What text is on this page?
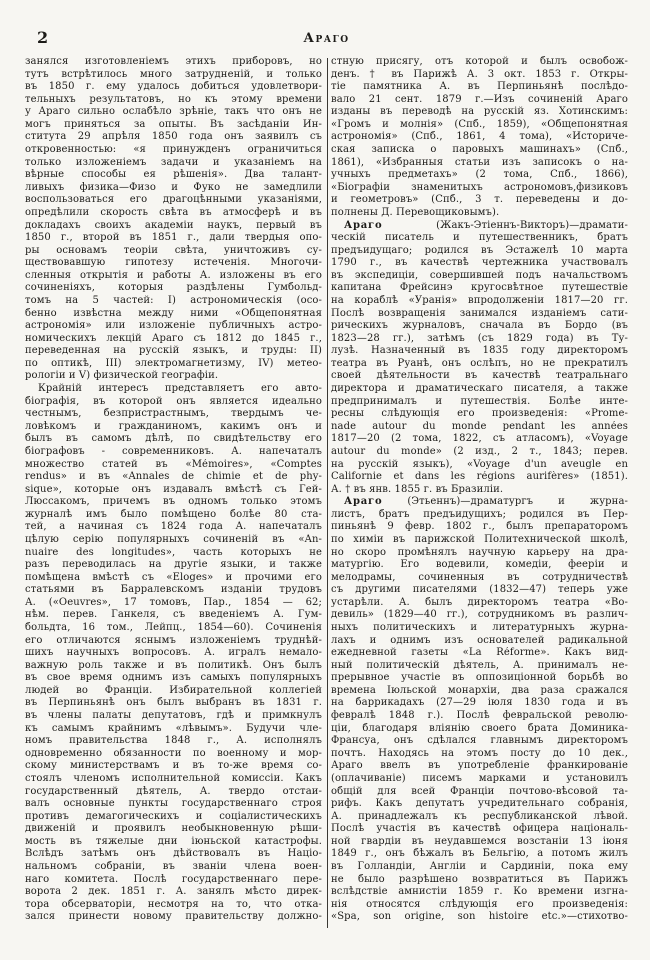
2	Араго
занялся изготовленіемъ этихъ приборовъ, но
тутъ встрѣтилось много затрудненій, и только
въ 1850 г. ему удалось добиться удовлетвори-
тельныхъ результатовъ, но къ этому времени
у Араго сильно ослабѣло зрѣніе, такъ что онъ не
могъ приняться за опыты. Въ засѣданіи Ин-
ститута 29 апрѣля 1850 года онъ заявилъ съ
откровенностью: «я принужденъ ограничиться
только изложеніемъ задачи и указаніемъ на
вѣрные способы ея рѣшенія». Два талант-
ливыхъ физика—Физо и Фуко не замедлили
воспользоваться его драгоцѣнными указаніями,
опредѣлили скорость свѣта въ атмосферѣ и въ
докладахъ своихъ академіи наукъ, первый въ
1850 г., второй въ 1851 г., дали твердыя опо-
ры основамъ теоріи свѣта, уничтоживъ су-
ществовавшую гипотезу истеченія. Многочи-
сленныя открытія и работы А. изложены въ его
сочиненіяхъ, которыя раздѣлены Гумбольд-
томъ на 5 частей: I) астрономическія (осо-
бенно извѣстна между ними «Общепонятная
астрономія» или изложеніе публичныхъ астро-
номическихъ лекцій Араго съ 1812 до 1845 г.,
переведенная на русскій языкъ, и труды: II)
по оптикѣ, III) электромагнетизму, IV) метео-
рологіи и V) физической географіи.
Крайній интересъ представляетъ его авто-
біографія, въ которой онъ является идеально
честнымъ, безпристрастнымъ, твердымъ че-
ловѣкомъ и гражданиномъ, какимъ онъ и
былъ въ самомъ дѣлѣ, по свидѣтельству его
біографовъ - современниковъ. А. напечаталъ
множество статей въ «Mémoires», «Comptes
rendus» и въ «Annales de chimie et de phy-
sique», которые онъ издавалъ вмѣстѣ съ Гей-
Люссакомъ, причемъ въ одномъ только этомъ
журналѣ имъ было помѣщено болѣе 80 ста-
тей, а начиная съ 1824 года А. напечаталъ
цѣлую серію популярныхъ сочиненій въ «An-
nuaire des longitudes», часть которыхъ не
разъ переводилась на другіе языки, и также
помѣщена вмѣстѣ съ «Eloges» и прочими его
статьями въ Барралевскомъ изданіи трудовъ
А. («Oeuvres», 17 томовъ, Пар., 1854 — 62;
нѣм. перев. Ганкеля, съ введеніемъ А. Гум-
больдта, 16 том., Лейпц., 1854—60). Сочиненія
его отличаются яснымъ изложеніемъ труднѣй-
шихъ научныхъ вопросовъ. А. игралъ немало-
важную роль также и въ политикѣ. Онъ былъ
въ свое время однимъ изъ самыхъ популярныхъ
людей во Франціи. Избирательной коллегіей
въ Перпиньянѣ онъ былъ выбранъ въ 1831 г.
въ члены палаты депутатовъ, гдѣ и примкнулъ
къ самымъ крайнимъ «лѣвымъ». Будучи чле-
номъ правительства 1848 г., А. исполнялъ
одновременно обязанности по военному и мор-
скому министерствамъ и въ то-же время со-
стоялъ членомъ исполнительной комиссіи. Какъ
государственный дѣятель, А. твердо отстаи-
валъ основные пункты государственнаго строя
противъ демагогическихъ и соціалистическихъ
движеній и проявилъ необыкновенную рѣши-
мость въ тяжелые дни іюньской катастрофы.
Вслѣдъ затѣмъ онъ дѣйствовалъ въ Націо-
нальномъ собраніи, въ званіи члена воен-
наго комитета. Послѣ государственнаго пере-
ворота 2 дек. 1851 г. А. занялъ мѣсто дирек-
тора обсерваторіи, несмотря на то, что отка-
зался принести новому правительству должно-
стную присягу, отъ которой и былъ освобож-
денъ. † въ Парижѣ А. 3 окт. 1853 г. Откры-
тіе памятника А. въ Перпиньянѣ послѣдо-
вало 21 сент. 1879 г.—Изъ сочиненій Араго
изданы въ переводѣ на русскій яз. Хотинскимъ:
«Громъ и молнія» (Спб., 1859), «Общепонятная
астрономія» (Спб., 1861, 4 тома), «Историче-
ская записка о паровыхъ машинахъ» (Спб.,
1861), «Избранныя статьи изъ записокъ о на-
учныхъ предметахъ» (2 тома, Спб., 1866),
«Біографіи знаменитыхъ астрономовъ,физиковъ
и геометровъ» (Спб., 3 т. переведены и до-
полнены Д. Перевощиковымъ).
Араго (Жакъ-Этіеннъ-Викторъ)—драмати-
ческій писатель и путешественникъ, братъ
предъидущаго; родился въ Эстажелѣ 10 марта
1790 г., въ качествѣ чертежника участвовалъ
въ экспедиціи, совершившей подъ начальствомъ
капитана Фрейсинэ кругосвѣтное путешествіе
на кораблѣ «Уранія» впродолженіи 1817—20 гг.
Послѣ возвращенія занимался изданіемъ сати-
рическихъ журналовъ, сначала въ Бордо (въ
1823—28 гг.), затѣмъ (съ 1829 года) въ Ту-
лузѣ. Назначенный въ 1835 году директоромъ
театра въ Руанѣ, онъ ослѣпъ, но не прекратилъ
своей дѣятельности въ качествѣ театральнаго
директора и драматическаго писателя, а также
предпринималъ и путешествія. Болѣе инте-
ресны слѣдующія его произведенія: «Prome-
nade autour du monde pendant les années
1817—20 (2 тома, 1822, съ атласомъ), «Voyage
autour du monde» (2 изд., 2 т., 1843; перев.
на русскій языкъ), «Voyage d'un aveugle en
Californie et dans les régions aurifères» (1851).
А. † въ янв. 1855 г. въ Бразиліи.
Араго (Этьеннъ)—драматургъ и журна-
листъ, братъ предъидущихъ; родился въ Пер-
пиньянѣ 9 февр. 1802 г., былъ препараторомъ
по химіи въ парижской Политехнической школѣ,
но скоро промѣнялъ научную карьеру на дра-
матургію. Его водевили, комедіи, фееріи и
мелодрамы, сочиненныя въ сотрудничествѣ
съ другими писателями (1832—47) теперь уже
устарѣли. А. былъ директоромъ театра «Во-
девиль» (1829—40 гг.), сотрудникомъ въ различ-
ныхъ политическихъ и литературныхъ журна-
лахъ и однимъ изъ основателей радикальной
ежедневной газеты «La Réforme». Какъ вид-
ный политическій дѣятель, А. принималъ не-
прерывное участіе въ оппозиціонной борьбѣ во
времена Іюльской монархіи, два раза сражался
на баррикадахъ (27—29 іюля 1830 года и въ
февралѣ 1848 г.). Послѣ февральской револю-
ціи, благодаря вліянію своего брата Доминика-
Франсуа, онъ сдѣлался главнымъ директоромъ
почтъ. Находясь на этомъ посту до 10 дек.,
Араго ввелъ въ употребленіе франкированіе
(оплачиваніе) писемъ марками и установилъ
общій для всей Франціи почтово-вѣсовой та-
рифъ. Какъ депутатъ учредительнаго собранія,
А. принадлежалъ къ республиканской лѣвой.
Послѣ участія въ качествѣ офицера національ-
ной гвардіи въ неудавшемся возстаніи 13 іюня
1849 г., онъ бѣжалъ въ Бельгію, а потомъ жилъ
въ Голландіи, Англіи и Сардиніи, пока ему
не было разрѣшено возвратиться въ Парижъ
вслѣдствіе амнистіи 1859 г. Ко времени изгна-
нія относятся слѣдующія его произведенія:
«Spa, son origine, son histoire etc.»—стихотво-
